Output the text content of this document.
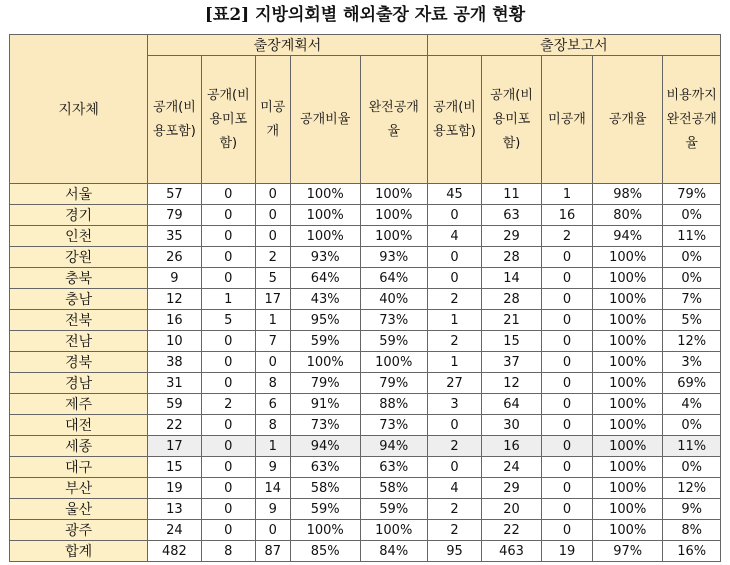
[표2] 지방의회별 해외출장 자료 공개 현황
지자체	출장계획서					출장보고서				

	공개(비용포함)	공개(비용미포함)	미공개	공개비율	완전공개율	공개(비용포함)	공개(비용미포함)	미공개	공개율	비용까지완전공개율

서울	57	0	0	100%	100%	45	11	1	98%	79%
경기	79	0	0	100%	100%	0	63	16	80%	0%
인천	35	0	0	100%	100%	4	29	2	94%	11%
강원	26	0	2	93%	93%	0	28	0	100%	0%
충북	9	0	5	64%	64%	0	14	0	100%	0%
충남	12	1	17	43%	40%	2	28	0	100%	7%
전북	16	5	1	95%	73%	1	21	0	100%	5%
전남	10	0	7	59%	59%	2	15	0	100%	12%
경북	38	0	0	100%	100%	1	37	0	100%	3%
경남	31	0	8	79%	79%	27	12	0	100%	69%
제주	59	2	6	91%	88%	3	64	0	100%	4%
대전	22	0	8	73%	73%	0	30	0	100%	0%
세종	17	0	1	94%	94%	2	16	0	100%	11%
대구	15	0	9	63%	63%	0	24	0	100%	0%
부산	19	0	14	58%	58%	4	29	0	100%	12%
울산	13	0	9	59%	59%	2	20	0	100%	9%
광주	24	0	0	100%	100%	2	22	0	100%	8%
합계	482	8	87	85%	84%	95	463	19	97%	16%
